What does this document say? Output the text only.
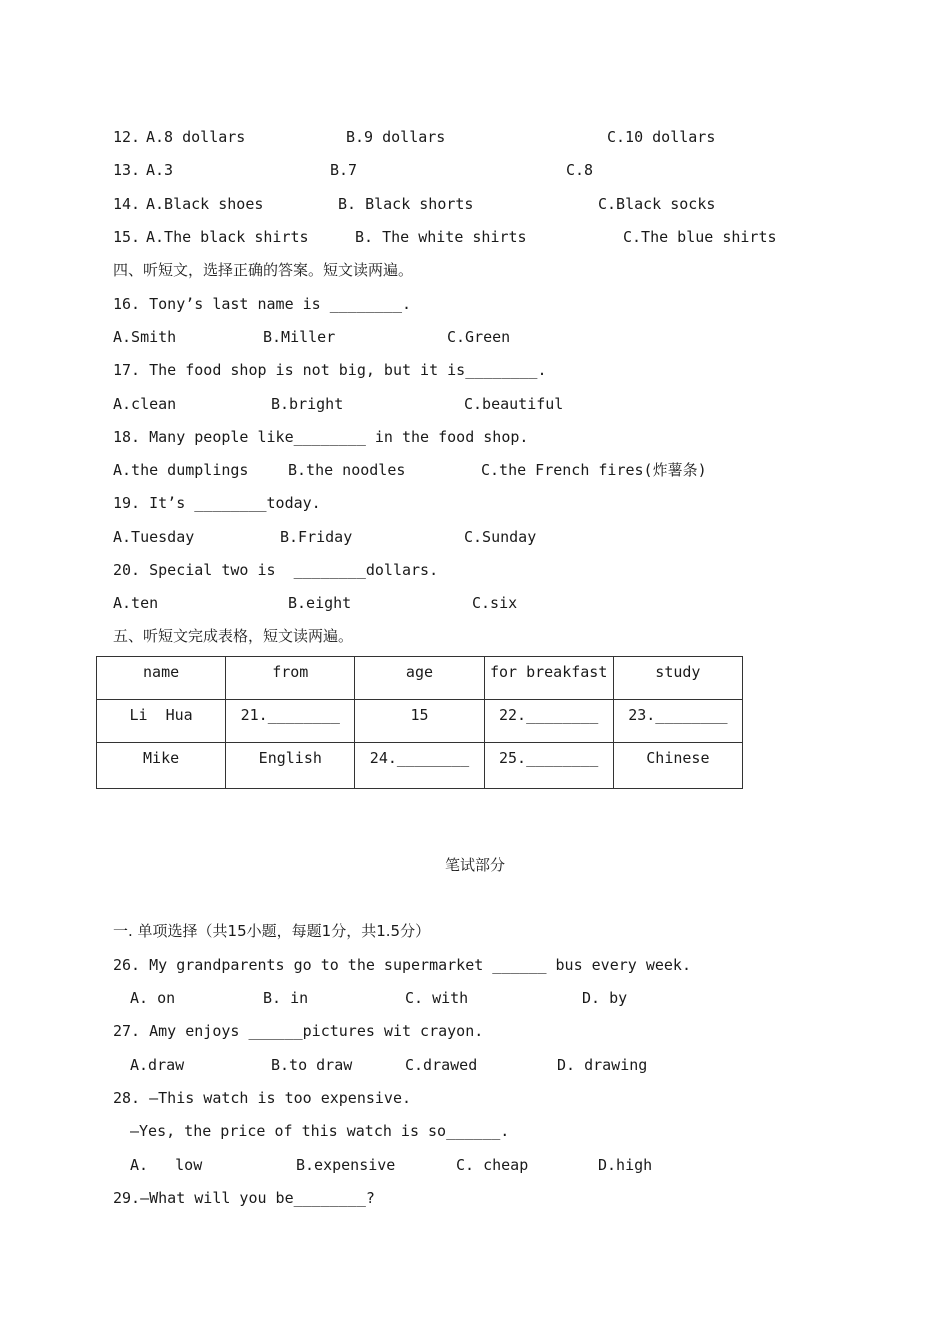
12. A.8 dollars	B.9 dollars	C.10 dollars
13. A.3	B.7	C.8
14. A.Black shoes	B. Black shorts	C.Black socks
15. A.The black shirts	B. The white shirts	C.The blue shirts
四、听短文，选择正确的答案。短文读两遍。
16. Tony’s last name is ________.
A.Smith	B.Miller	C.Green
17. The food shop is not big, but it is________.
A.clean	B.bright	C.beautiful
18. Many people like________ in the food shop.
A.the dumplings	B.the noodles	C.the French fires(炸薯条)
19. It’s ________today.
A.Tuesday	B.Friday	C.Sunday
20. Special two is  ________dollars.
A.ten	B.eight	C.six
五、听短文完成表格，短文读两遍。
name	from	age	for breakfast	study
Li  Hua	21.________	15	22.________	23.________
Mike	English	24.________	25.________	Chinese
笔试部分
一. 单项选择（共15小题，每题1分，共1.5分）
26. My grandparents go to the supermarket ______ bus every week.
A. on	B. in	C. with	D. by
27. Amy enjoys ______pictures wit crayon.
A.draw	B.to draw	C.drawed	D. drawing
28. —This watch is too expensive.
—Yes, the price of this watch is so______.
A.   low	B.expensive	C. cheap	D.high
29.—What will you be________?
